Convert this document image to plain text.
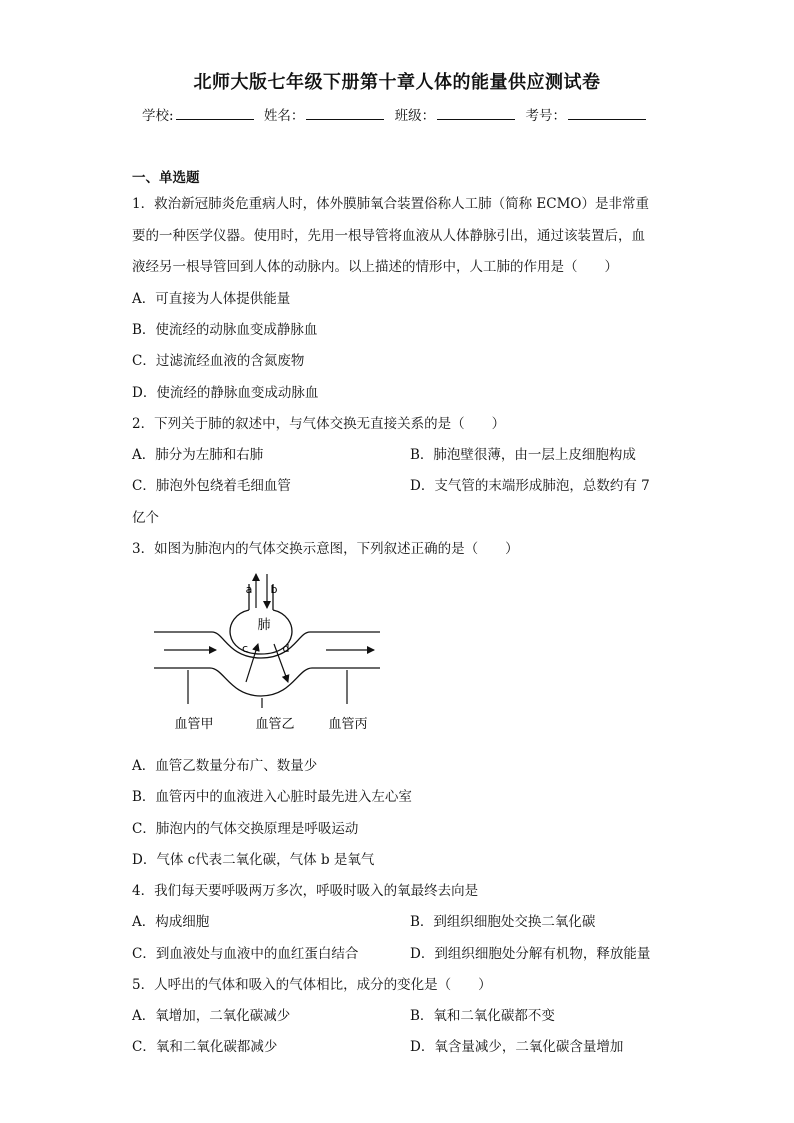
北师大版七年级下册第十章人体的能量供应测试卷
学校:	姓名：	班级：	考号：
一、单选题
1．救治新冠肺炎危重病人时，体外膜肺氧合装置俗称人工肺（简称 ECMO）是非常重
要的一种医学仪器。使用时，先用一根导管将血液从人体静脉引出，通过该装置后，血
液经另一根导管回到人体的动脉内。以上描述的情形中，人工肺的作用是（　　）
A．可直接为人体提供能量
B．使流经的动脉血变成静脉血
C．过滤流经血液的含氮废物
D．使流经的静脉血变成动脉血
2．下列关于肺的叙述中，与气体交换无直接关系的是（　　）
A．肺分为左肺和右肺	B．肺泡壁很薄，由一层上皮细胞构成
C．肺泡外包绕着毛细血管	D．支气管的末端形成肺泡，总数约有 7
亿个
3．如图为肺泡内的气体交换示意图，下列叙述正确的是（　　）
a b
肺
c	d
血管甲	血管乙	血管丙
A．血管乙数量分布广、数量少
B．血管丙中的血液进入心脏时最先进入左心室
C．肺泡内的气体交换原理是呼吸运动
D．气体 c代表二氧化碳，气体 b 是氧气
4．我们每天要呼吸两万多次，呼吸时吸入的氧最终去向是
A．构成细胞	B．到组织细胞处交换二氧化碳
C．到血液处与血液中的血红蛋白结合	D．到组织细胞处分解有机物，释放能量
5．人呼出的气体和吸入的气体相比，成分的变化是（　　）
A．氧增加，二氧化碳减少	B．氧和二氧化碳都不变
C．氧和二氧化碳都减少	D．氧含量减少，二氧化碳含量增加
